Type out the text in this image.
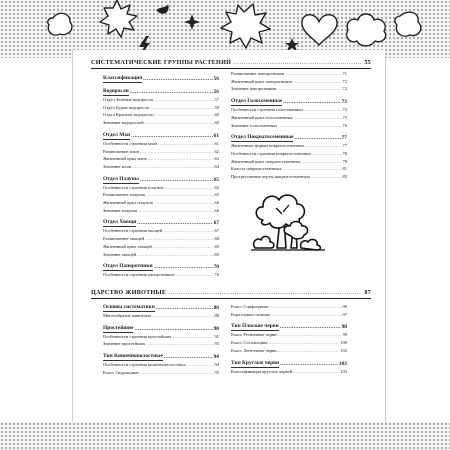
СИСТЕМАТИЧЕСКИЕ ГРУППЫ РАСТЕНИЙ .....	55
Классификация .....	56
Водоросли .....	56
Отдел Зелёные водоросли .....	57
Отдел Бурые водоросли .....	59
Отдел Красные водоросли .....	60
Значение водорослей .....	60
Отдел Мхи .....	61
Особенности строения мхов .....	61
Размножение мхов .....	62
Жизненный цикл мхов .....	63
Значение мхов .....	64
Отдел Плауны .....	65
Особенности строения плаунов .....	65
Размножение плаунов .....	65
Жизненный цикл плаунов .....	66
Значение плаунов .....	66
Отдел Хвощи .....	67
Особенности строения хвощей .....	67
Размножение хвощей .....	68
Жизненный цикл хвощей .....	69
Значение хвощей .....	69
Отдел Папоротники .....	70
Особенности строения папоротников .....	70
Размножение папоротников .....	71
Жизненный цикл папоротников .....	72
Значение папоротников .....	72
Отдел Голосеменные .....	73
Особенности строения голосеменных .....	73
Жизненный цикл голосеменных .....	75
Значение голосеменных .....	76
Отдел Покрытосеменные .....	77
Жизненные формы покрытосеменных .....	77
Особенности строения покрытосеменных .....	78
Жизненный цикл покрытосеменных .....	79
Классы покрытосеменных .....	81
Прогрессивные черты покрытосеменных .....	85
ЦАРСТВО ЖИВОТНЫЕ .....	87
Основы систематики .....	88
Многообразие животных .....	88
Простейшие .....	90
Особенности строения простейших .....	91
Значение простейших .....	93
Тип Кишечнополостные .....	94
Особенности строения кишечнополостных .....	94
Класс Гидроидные .....	95
Класс Сцифоидные .....	96
Коралловые полипы .....	97
Тип Плоские черви .....	98
Класс Ресничные черви .....	99
Класс Сосальщики .....	100
Класс Ленточные черви .....	102
Тип Круглые черви .....	103
Классификация круглых червей .....	103
